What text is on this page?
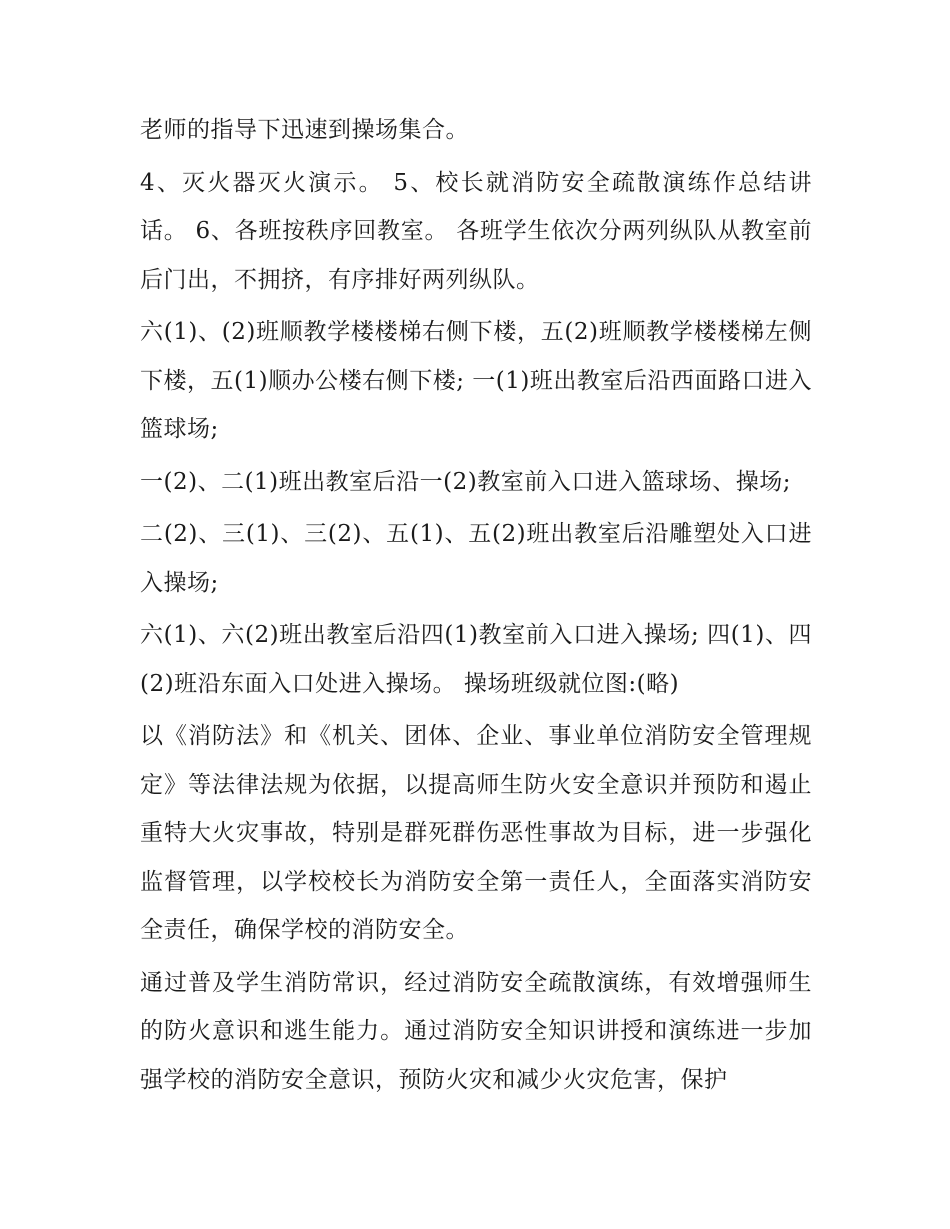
老师的指导下迅速到操场集合。

4、灭火器灭火演示。 5、校长就消防安全疏散演练作总结讲话。 6、各班按秩序回教室。 各班学生依次分两列纵队从教室前后门出，不拥挤，有序排好两列纵队。

六(1)、(2)班顺教学楼楼梯右侧下楼，五(2)班顺教学楼楼梯左侧下楼，五(1)顺办公楼右侧下楼; 一(1)班出教室后沿西面路口进入篮球场;

一(2)、二(1)班出教室后沿一(2)教室前入口进入篮球场、操场;

二(2)、三(1)、三(2)、五(1)、五(2)班出教室后沿雕塑处入口进入操场;

六(1)、六(2)班出教室后沿四(1)教室前入口进入操场; 四(1)、四(2)班沿东面入口处进入操场。 操场班级就位图:(略)

以《消防法》和《机关、团体、企业、事业单位消防安全管理规定》等法律法规为依据，以提高师生防火安全意识并预防和遏止重特大火灾事故，特别是群死群伤恶性事故为目标，进一步强化监督管理，以学校校长为消防安全第一责任人，全面落实消防安全责任，确保学校的消防安全。

通过普及学生消防常识，经过消防安全疏散演练，有效增强师生的防火意识和逃生能力。通过消防安全知识讲授和演练进一步加强学校的消防安全意识，预防火灾和减少火灾危害，保护
